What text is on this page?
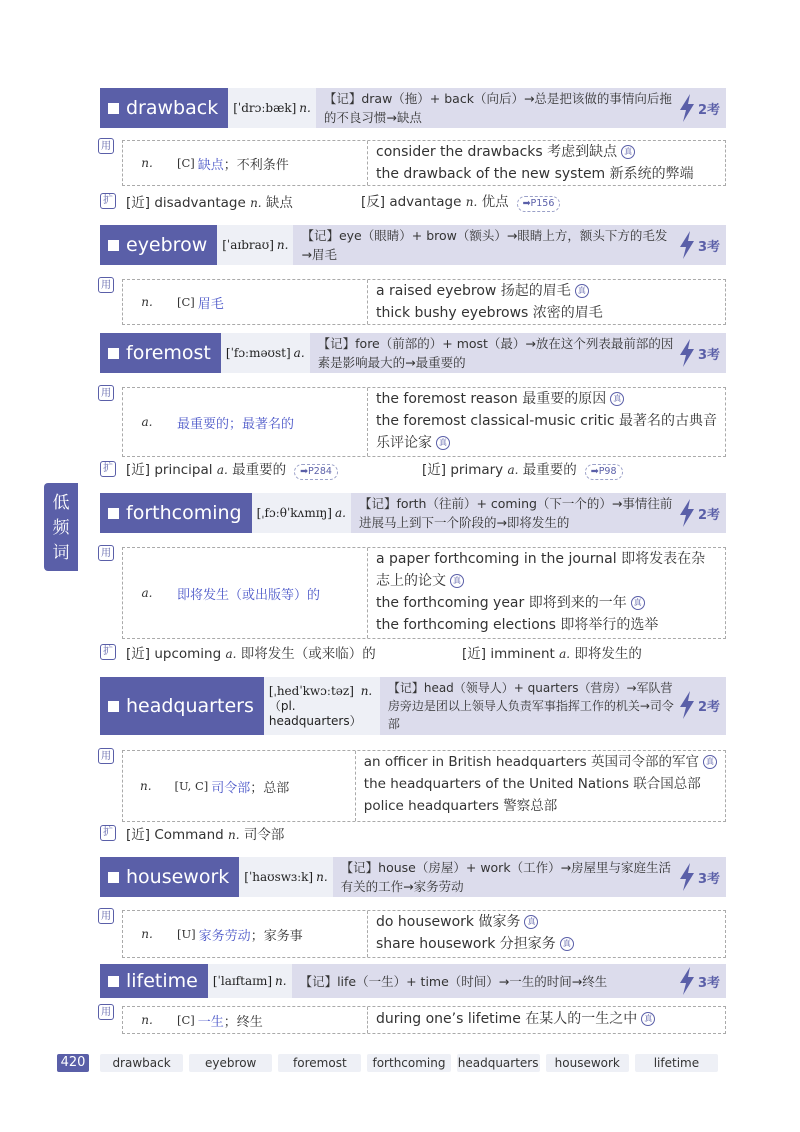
低
频
词
drawback [ˈdrɔːbæk] n.
【记】draw（拖）+ back（向后）→总是把该做的事情向后拖的不良习惯→缺点	2考
用
n.	[C] 缺点 ；不利条件
consider the drawbacks 考虑到缺点 真
the drawback of the new system 新系统的弊端
扩 [近] disadvantage n. 缺点	[反] advantage n. 优点 ➡P156
eyebrow [ˈaɪbraʊ] n.
【记】eye（眼睛）+ brow（额头）→眼睛上方，额头下方的毛发→眉毛	3考
用
n.	[C] 眉毛
a raised eyebrow 扬起的眉毛 真
thick bushy eyebrows 浓密的眉毛
foremost [ˈfɔːməʊst] a.
【记】fore（前部的）+ most（最）→放在这个列表最前部的因素是影响最大的→最重要的	3考
用
a.	最重要的；最著名的
the foremost reason 最重要的原因 真
the foremost classical-music critic 最著名的古典音乐评论家 真
扩 [近] principal a. 最重要的 ➡P284	[近] primary a. 最重要的 ➡P98
forthcoming [ˌfɔːθˈkʌmɪŋ] a.
【记】forth（往前）+ coming（下一个的）→事情往前进展马上到下一个阶段的→即将发生的	2考
用
a.	即将发生（或出版等）的
a paper forthcoming in the journal 即将发表在杂志上的论文 真
the forthcoming year 即将到来的一年 真
the forthcoming elections 即将举行的选举
扩 [近] upcoming a. 即将发生（或来临）的	[近] imminent a. 即将发生的
headquarters
[ˌhedˈkwɔːtəz] n.（pl. headquarters）
【记】head（领导人）+ quarters（营房）→军队营房旁边是团以上领导人负责军事指挥工作的机关→司令部
2考
用
n.	[U, C] 司令部 ；总部
an officer in British headquarters 英国司令部的军官 真
the headquarters of the United Nations 联合国总部
police headquarters 警察总部
扩 [近] Command n. 司令部
housework [ˈhaʊswɜːk] n.
【记】house（房屋）+ work（工作）→房屋里与家庭生活有关的工作→家务劳动	3考
用
n.	[U] 家务劳动 ；家务事
do housework 做家务 真
share housework 分担家务 真
lifetime [ˈlaɪftaɪm] n.	【记】life（一生）+ time（时间）→一生的时间→终生	3考
用
n.	[C] 一生 ；终生	during one’s lifetime 在某人的一生之中 真
420	drawback	eyebrow	foremost	forthcoming	headquarters	housework	lifetime
